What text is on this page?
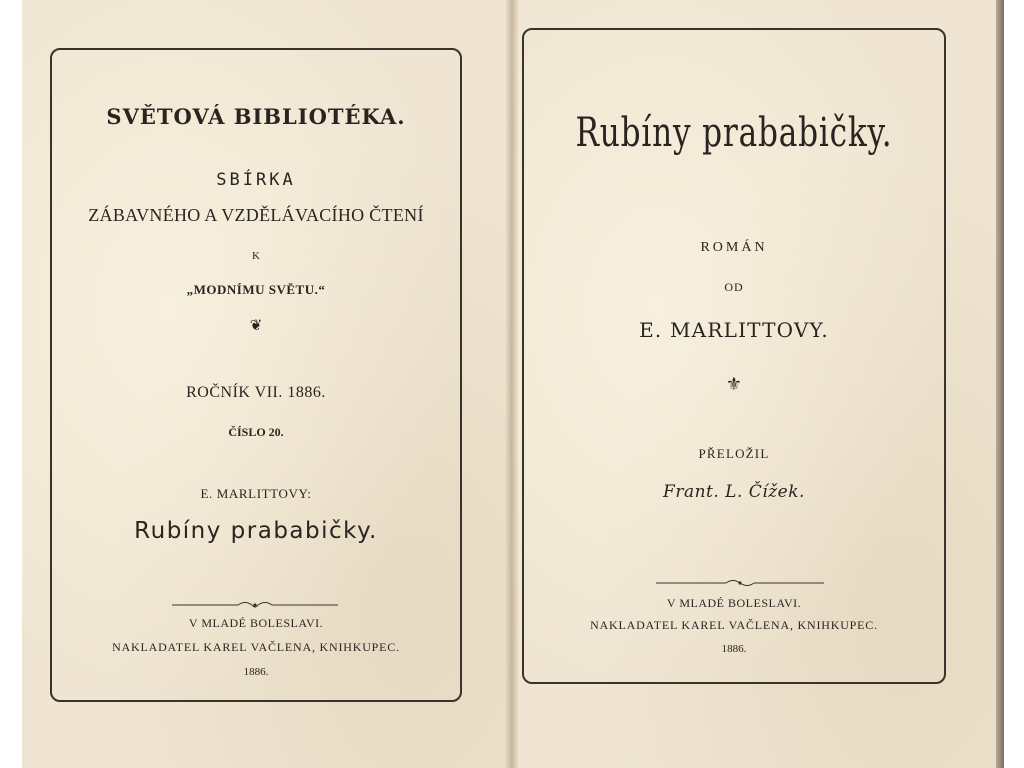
SVĚTOVÁ BIBLIOTÉKA.
SBÍRKA
ZÁBAVNÉHO A VZDĚLÁVACÍHO ČTENÍ
K
„MODNÍMU SVĚTU.“
❦
ROČNÍK VII. 1886.
ČÍSLO 20.
E. MARLITTOVY:
Rubíny prababičky.
V MLADÉ BOLESLAVI.
NAKLADATEL KAREL VAČLENA, KNIHKUPEC.
1886.
Rubíny prababičky.
ROMÁN
OD
E. MARLITTOVY.
⚜
PŘELOŽIL
Frant. L. Čížek.
V MLADÉ BOLESLAVI.
NAKLADATEL KAREL VAČLENA, KNIHKUPEC.
1886.
